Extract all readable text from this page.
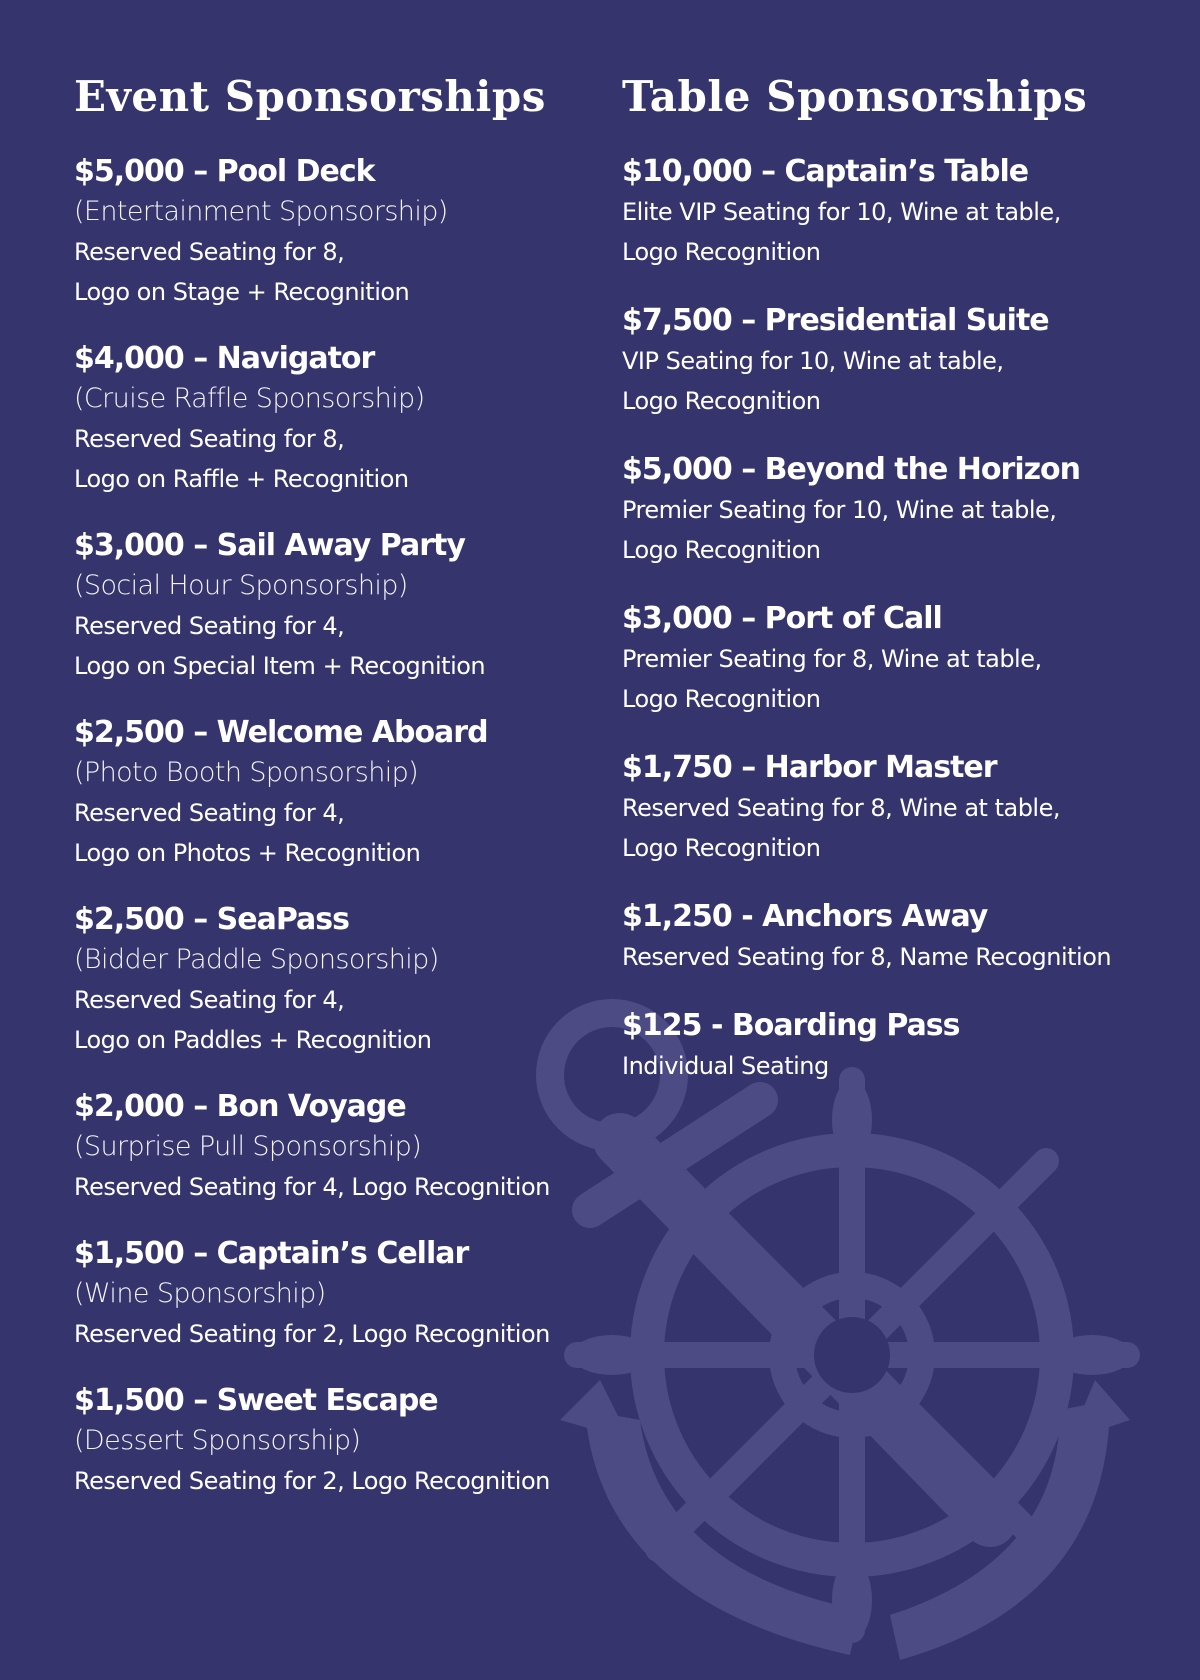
Event Sponsorships
$5,000 – Pool Deck
(Entertainment Sponsorship)
Reserved Seating for 8,
Logo on Stage + Recognition
$4,000 – Navigator
(Cruise Raffle Sponsorship)
Reserved Seating for 8,
Logo on Raffle + Recognition
$3,000 – Sail Away Party
(Social Hour Sponsorship)
Reserved Seating for 4,
Logo on Special Item + Recognition
$2,500 – Welcome Aboard
(Photo Booth Sponsorship)
Reserved Seating for 4,
Logo on Photos + Recognition
$2,500 – SeaPass
(Bidder Paddle Sponsorship)
Reserved Seating for 4,
Logo on Paddles + Recognition
$2,000 – Bon Voyage
(Surprise Pull Sponsorship)
Reserved Seating for 4, Logo Recognition
$1,500 – Captain’s Cellar
(Wine Sponsorship)
Reserved Seating for 2, Logo Recognition
$1,500 – Sweet Escape
(Dessert Sponsorship)
Reserved Seating for 2, Logo Recognition
Table Sponsorships
$10,000 – Captain’s Table
Elite VIP Seating for 10, Wine at table,
Logo Recognition
$7,500 – Presidential Suite
VIP Seating for 10, Wine at table,
Logo Recognition
$5,000 – Beyond the Horizon
Premier Seating for 10, Wine at table,
Logo Recognition
$3,000 – Port of Call
Premier Seating for 8, Wine at table,
Logo Recognition
$1,750 – Harbor Master
Reserved Seating for 8, Wine at table,
Logo Recognition
$1,250 - Anchors Away
Reserved Seating for 8, Name Recognition
$125 - Boarding Pass
Individual Seating
